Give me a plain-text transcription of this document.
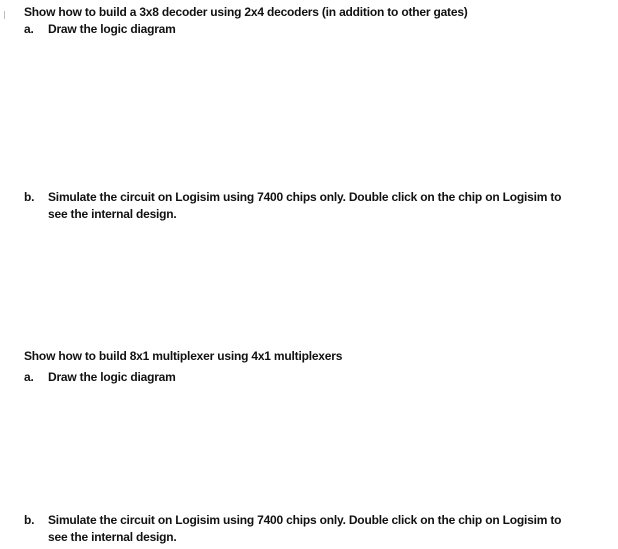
Show how to build a 3x8 decoder using 2x4 decoders (in addition to other gates)
a. Draw the logic diagram
b. Simulate the circuit on Logisim using 7400 chips only. Double click on the chip on Logisim to
see the internal design.
Show how to build 8x1 multiplexer using 4x1 multiplexers
a. Draw the logic diagram
b. Simulate the circuit on Logisim using 7400 chips only. Double click on the chip on Logisim to
see the internal design.
